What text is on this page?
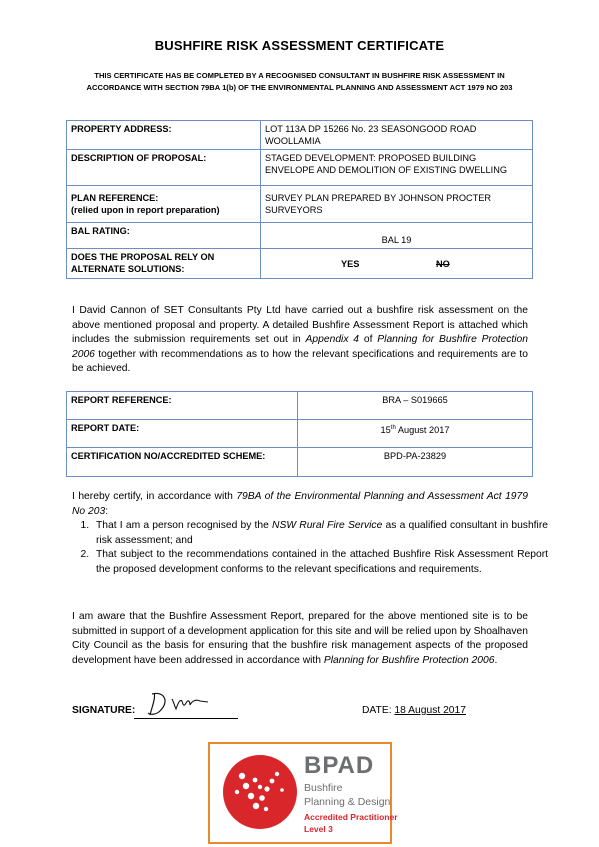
BUSHFIRE RISK ASSESSMENT CERTIFICATE
THIS CERTIFICATE HAS BE COMPLETED BY A RECOGNISED CONSULTANT IN BUSHFIRE RISK ASSESSMENT IN ACCORDANCE WITH SECTION 79BA 1(b) OF THE ENVIRONMENTAL PLANNING AND ASSESSMENT ACT 1979 NO 203
PROPERTY ADDRESS:	LOT 113A DP 15266 No. 23 SEASONGOOD ROAD WOOLLAMIA
DESCRIPTION OF PROPOSAL:	STAGED DEVELOPMENT: PROPOSED BUILDING ENVELOPE AND DEMOLITION OF EXISTING DWELLING

PLAN REFERENCE:
(relied upon in report preparation)	SURVEY PLAN PREPARED BY JOHNSON PROCTER SURVEYORS
BAL RATING:	BAL 19
DOES THE PROPOSAL RELY ON ALTERNATE SOLUTIONS:	YES NO
I David Cannon of SET Consultants Pty Ltd have carried out a bushfire risk assessment on the above mentioned proposal and property. A detailed Bushfire Assessment Report is attached which includes the submission requirements set out in Appendix 4 of Planning for Bushfire Protection 2006 together with recommendations as to how the relevant specifications and requirements are to be achieved.
REPORT REFERENCE:	BRA – S019665
REPORT DATE:	15th August 2017
CERTIFICATION NO/ACCREDITED SCHEME:	BPD-PA-23829
I hereby certify, in accordance with 79BA of the Environmental Planning and Assessment Act 1979 No 203:
1. That I am a person recognised by the NSW Rural Fire Service as a qualified consultant in bushfire risk assessment; and
2. That subject to the recommendations contained in the attached Bushfire Risk Assessment Report the proposed development conforms to the relevant specifications and requirements.
I am aware that the Bushfire Assessment Report, prepared for the above mentioned site is to be submitted in support of a development application for this site and will be relied upon by Shoalhaven City Council as the basis for ensuring that the bushfire risk management aspects of the proposed development have been addressed in accordance with Planning for Bushfire Protection 2006.
SIGNATURE:	DATE: 18 August 2017
BPAD
Bushfire
Planning & Design
Accredited Practitioner
Level 3
